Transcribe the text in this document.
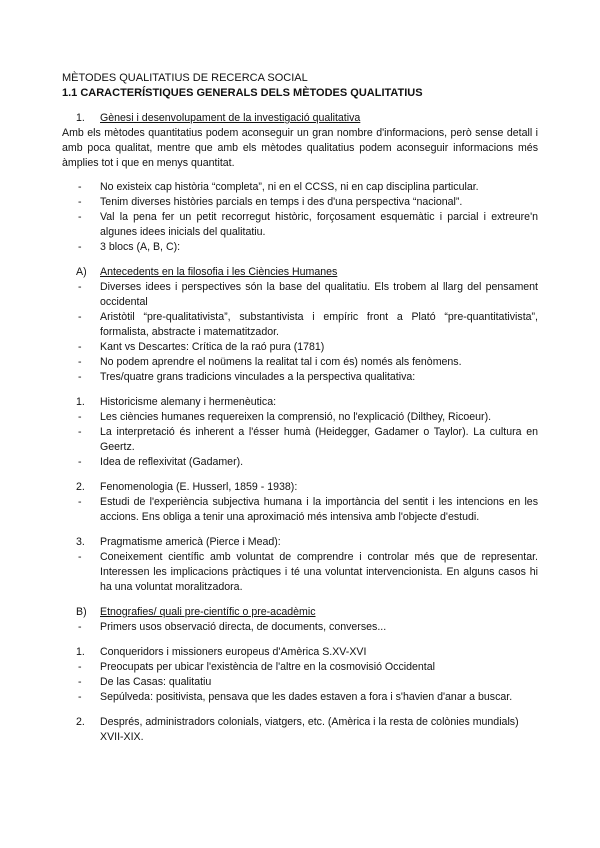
MÈTODES QUALITATIUS DE RECERCA SOCIAL

1.1 CARACTERÍSTIQUES GENERALS DELS MÈTODES QUALITATIUS

1.	Gènesi i desenvolupament de la investigació qualitativa
Amb els mètodes quantitatius podem aconseguir un gran nombre d'informacions, però sense detall i amb poca qualitat, mentre que amb els mètodes qualitatius podem aconseguir informacions més àmplies tot i que en menys quantitat.
- No existeix cap història “completa”, ni en el CCSS, ni en cap disciplina particular.
- Tenim diverses històries parcials en temps i des d'una perspectiva “nacional”.
- Val la pena fer un petit recorregut històric, forçosament esquemàtic i parcial i extreure'n algunes idees inicials del qualitatiu.
- 3 blocs (A, B, C):
A)	Antecedents en la filosofia i les Ciències Humanes
- Diverses idees i perspectives són la base del qualitatiu. Els trobem al llarg del pensament occidental
- Aristòtil “pre-qualitativista”, substantivista i empíric front a Plató “pre-quantitativista”, formalista, abstracte i matematitzador.
- Kant vs Descartes: Crítica de la raó pura (1781)
- No podem aprendre el noümens la realitat tal i com és) només als fenòmens.
- Tres/quatre grans tradicions vinculades a la perspectiva qualitativa:
1.	Historicisme alemany i hermenèutica:
- Les ciències humanes requereixen la comprensió, no l'explicació (Dilthey, Ricoeur).
- La interpretació és inherent a l'ésser humà (Heidegger, Gadamer o Taylor). La cultura en Geertz.
- Idea de reflexivitat (Gadamer).
2.	Fenomenologia (E. Husserl, 1859 - 1938):
- Estudi de l'experiència subjectiva humana i la importància del sentit i les intencions en les accions. Ens obliga a tenir una aproximació més intensiva amb l'objecte d'estudi.
3.	Pragmatisme americà (Pierce i Mead):
- Coneixement científic amb voluntat de comprendre i controlar més que de representar. Interessen les implicacions pràctiques i té una voluntat intervencionista. En alguns casos hi ha una voluntat moralitzadora.
B)	Etnografies/ quali pre-científic o pre-acadèmic
- Primers usos observació directa, de documents, converses...
1.	Conqueridors i missioners europeus d'Amèrica S.XV-XVI
- Preocupats per ubicar l'existència de l'altre en la cosmovisió Occidental
- De las Casas: qualitatiu
- Sepúlveda: positivista, pensava que les dades estaven a fora i s'havien d'anar a buscar.
2.	Després, administradors colonials, viatgers, etc. (Amèrica i la resta de colònies mundials) XVII-XIX.
